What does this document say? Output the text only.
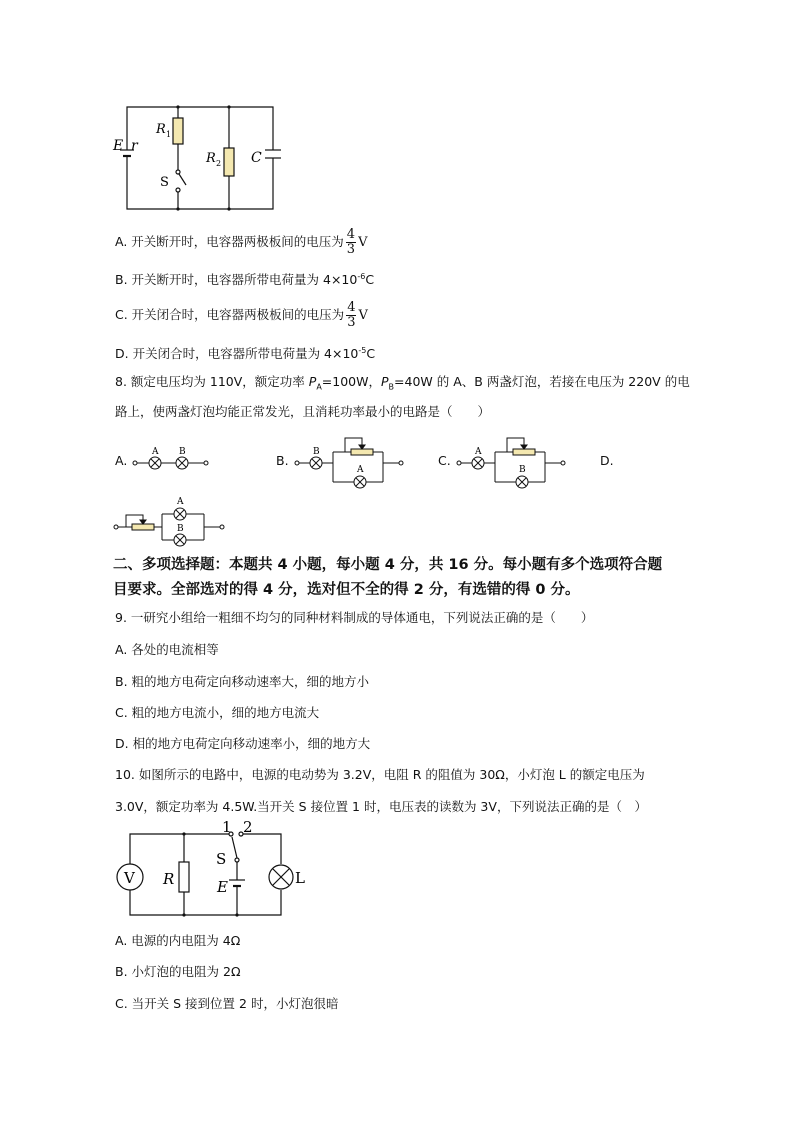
E r
R 1
R 2 C
S
A. 开关断开时，电容器两极板间的电压为 $\frac{4}{3}$ V
B. 开关断开时，电容器所带电荷量为 $4\times 10^{-6}C$
C. 开关闭合时，电容器两极板间的电压为 $\frac{4}{3}$ V
D. 开关闭合时，电容器所带电荷量为 $4\times 10^{-5}C$
8. 额定电压均为 110V，额定功率 $P_A=100W$，$P_B=40W$ 的 A、B 两盏灯泡，若接在电压为 220V 的电
路上，使两盏灯泡均能正常发光，且消耗功率最小的电路是（　　）
A.	B.	C.	D.
A B	B
A
A
B
A
B
二、多项选择题：本题共 4 小题，每小题 4 分，共 16 分。每小题有多个选项符合题
目要求。全部选对的得 4 分，选对但不全的得 2 分，有选错的得 0 分。
9. 一研究小组给一粗细不均匀的同种材料制成的导体通电，下列说法正确的是（　　）
A. 各处的电流相等
B. 粗的地方电荷定向移动速率大，细的地方小
C. 粗的地方电流小，细的地方电流大
D. 相的地方电荷定向移动速率小，细的地方大
10. 如图所示的电路中，电源的电动势为 3.2V，电阻 R 的阻值为 30Ω，小灯泡 L 的额定电压为
3.0V，额定功率为 4.5W.当开关 S 接位置 1 时，电压表的读数为 3V，下列说法正确的是（　）
1 2
S
E
R
V	L
A. 电源的内电阻为 4Ω
B. 小灯泡的电阻为 2Ω
C. 当开关 S 接到位置 2 时，小灯泡很暗
